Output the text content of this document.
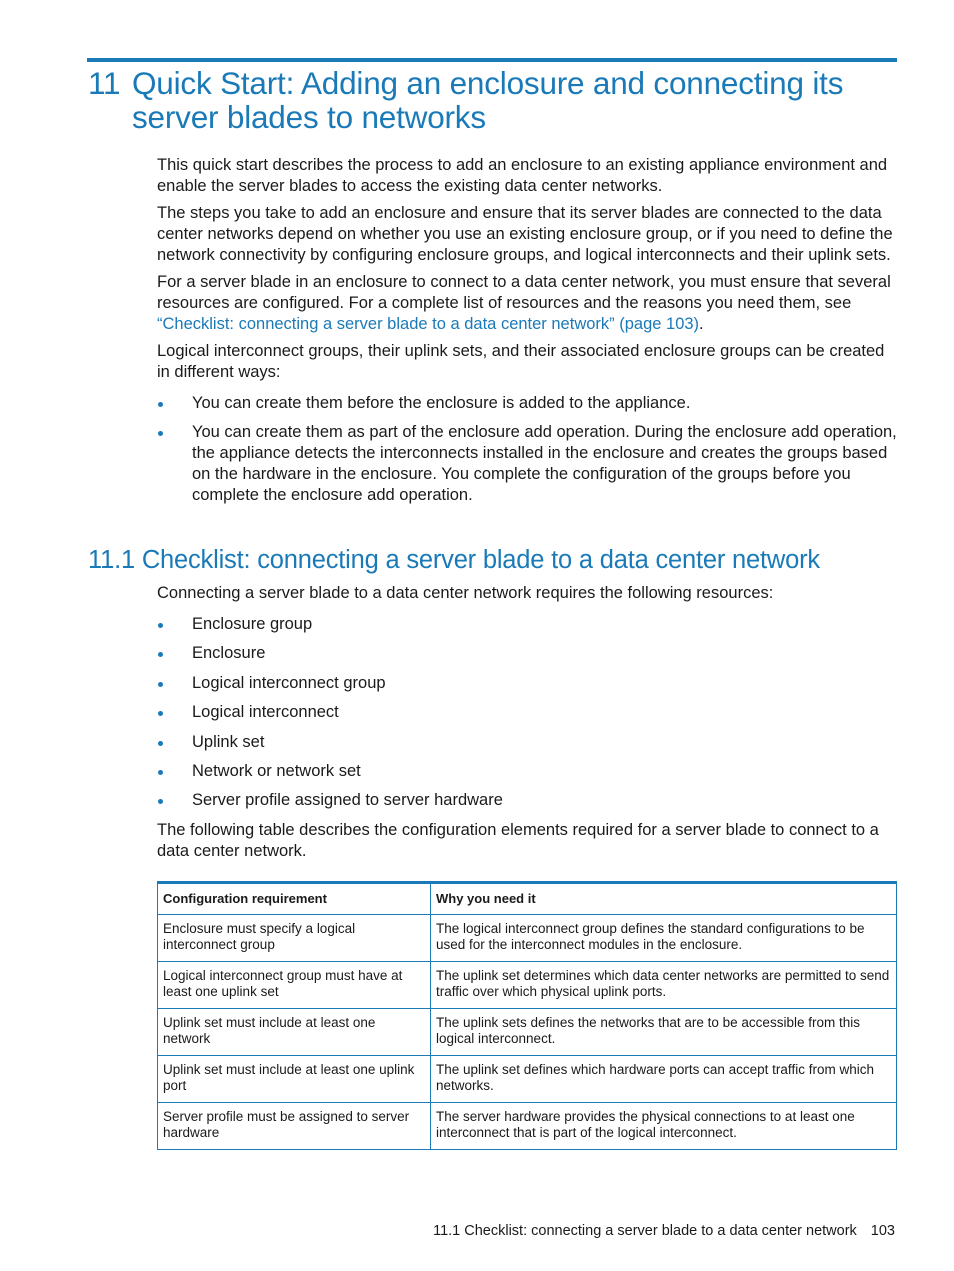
11 Quick Start: Adding an enclosure and connecting its
server blades to networks

This quick start describes the process to add an enclosure to an existing appliance environment and enable the server blades to access the existing data center networks.

The steps you take to add an enclosure and ensure that its server blades are connected to the data center networks depend on whether you use an existing enclosure group, or if you need to define the network connectivity by configuring enclosure groups, and logical interconnects and their uplink sets.

For a server blade in an enclosure to connect to a data center network, you must ensure that several resources are configured. For a complete list of resources and the reasons you need them, see “Checklist: connecting a server blade to a data center network” (page 103).

Logical interconnect groups, their uplink sets, and their associated enclosure groups can be created in different ways:

You can create them before the enclosure is added to the appliance.
You can create them as part of the enclosure add operation. During the enclosure add operation, the appliance detects the interconnects installed in the enclosure and creates the groups based on the hardware in the enclosure. You complete the configuration of the groups before you complete the enclosure add operation.
11.1 Checklist: connecting a server blade to a data center network

Connecting a server blade to a data center network requires the following resources:

Enclosure group
Enclosure
Logical interconnect group
Logical interconnect
Uplink set
Network or network set
Server profile assigned to server hardware

The following table describes the configuration elements required for a server blade to connect to a data center network.

Configuration requirement	Why you need it
Enclosure must specify a logical interconnect group	The logical interconnect group defines the standard configurations to be used for the interconnect modules in the enclosure.
Logical interconnect group must have at least one uplink set	The uplink set determines which data center networks are permitted to send traffic over which physical uplink ports.
Uplink set must include at least one network	The uplink sets defines the networks that are to be accessible from this logical interconnect.
Uplink set must include at least one uplink port	The uplink set defines which hardware ports can accept traffic from which networks.
Server profile must be assigned to server hardware	The server hardware provides the physical connections to at least one interconnect that is part of the logical interconnect.
11.1 Checklist: connecting a server blade to a data center network 103
